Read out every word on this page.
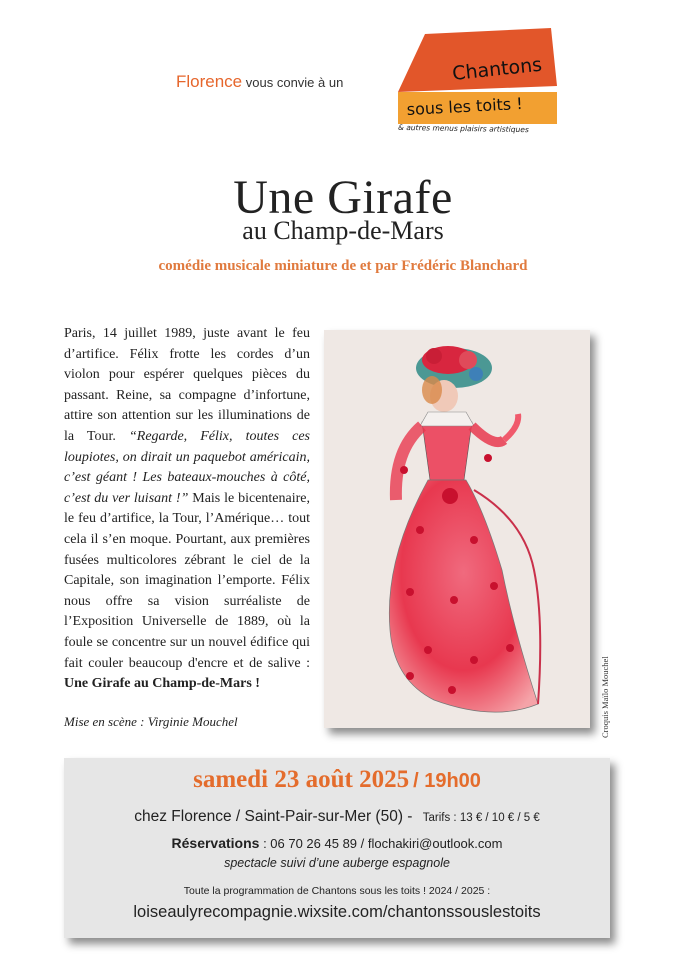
Florence vous convie à un	Chantons
sous les toits !
& autres menus plaisirs artistiques
Une Girafe
au Champ-de-Mars
comédie musicale miniature de et par Frédéric Blanchard
Paris, 14 juillet 1989, juste avant le feu d’artifice. Félix frotte les cordes d’un violon pour espérer quelques pièces du passant. Reine, sa compagne d’infortune, attire son attention sur les illuminations de la Tour. “Regarde, Félix, toutes ces loupiotes, on dirait un paquebot américain, c’est géant ! Les bateaux-mouches à côté, c’est du ver luisant !” Mais le bicentenaire, le feu d’artifice, la Tour, l’Amérique… tout cela il s’en moque. Pourtant, aux premières fusées multicolores zébrant le ciel de la Capitale, son imagination l’emporte. Félix nous offre sa vision surréaliste de l’Exposition Universelle de 1889, où la foule se concentre sur un nouvel édifice qui fait couler beaucoup d'encre et de salive : Une Girafe au Champ-de-Mars !
Mise en scène : Virginie Mouchel	Croquis Maïlo Mouchel
samedi 23 août 2025 / 19h00
chez Florence / Saint-Pair-sur-Mer (50) - Tarifs : 13 € / 10 € / 5 €
Réservations : 06 70 26 45 89 / flochakiri@outlook.com
spectacle suivi d’une auberge espagnole
Toute la programmation de Chantons sous les toits ! 2024 / 2025 :
loiseaulyrecompagnie.wixsite.com/chantonssouslestoits
